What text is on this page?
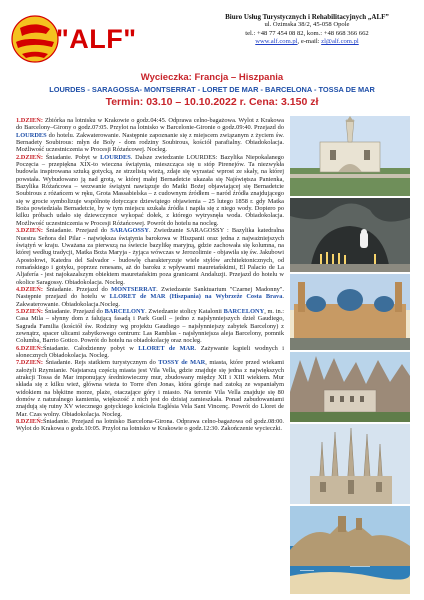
"ALF"
Biuro Usług Turystycznych i Rehabilitacyjnych „ALF”
ul. Ozimska 38/2, 45-058 Opole
tel.: +48 77 454 08 82, kom.: +48 668 366 662
www.alf.com.pl, e-mail: zl@alf.com.pl
Wycieczka: Francja – Hiszpania
LOURDES - SARAGOSSA- MONTSERRAT - LORET DE MAR - BARCELONA - TOSSA DE MAR
Termin: 03.10 – 10.10.2022 r. Cena: 3.150 zł

1.DZIEŃ: Zbiórka na lotnisku w Krakowie o godz.04:45. Odprawa celno-bagażowa. Wylot z Krakowa do Barcelony–Girony o godz.07:05. Przylot na lotnisko w Barcelonie-Gironie o godz.09:40. Przejazd do LOURDES do hotelu. Zakwaterowanie. Następnie zapoznanie się z miejscem związanym z życiem św. Bernadety Soubirous: młyn de Boly - dom rodziny Soubirous, kościół parafialny. Obiadokolacja. Możliwość uczestniczenia w Procesji Różańcowej. Nocleg.

2.DZIEŃ: Śniadanie. Pobyt w LOURDES. Dalsze zwiedzanie LOURDES: Bazylika Niepokalanego Poczęcia – przepiękna XIX-to wieczna świątynia, mieszcząca się u stóp Pirenejów. Ta niezwykła budowla inspirowana sztuką gotycką, ze strzelistą wieżą, zdaje się wyrastać wprost ze skały, na której powstała. Wybudowano ją nad grotą, w której małej Bernadetcie ukazała się Najświętsza Panienka, Bazylika Różańcowa – wezwanie świątyni nawiązuje do Matki Bożej objawiającej się Bernadetcie Soubirous z różańcem w ręku, Grota Massabielska – z cudownym źródłem – naród źródła znajdującego się w grocie symbolizuje wspólnotę dotyczące dziewiątego objawienia – 25 lutego 1858 r. gdy Matka Boża powiedziała Bernadetcie, by w tym miejscu szukała źródła i napiła się z niego wody. Dopiero po kilku próbach udało się dziewczynce wykopać dołek, z którego wytrysnęła woda. Obiadokolacja. Możliwość uczestniczenia w Procesji Różańcowej. Powrót do hotelu na nocleg.

3.DZIEŃ: Śniadanie. Przejazd do SARAGOSSY. Zwiedzanie SARAGOSSY : Bazylika katedralna Nuestra Señora del Pilar - największa świątynia barokowa w Hiszpanii oraz jedna z najważniejszych świątyń w kraju. Uważana za pierwszą na świecie bazylikę maryjną, gdzie zachowała się kolumna, na której według tradycji, Matka Boża Maryja - żyjąca wówczas w Jerozolimie - objawiła się św. Jakubowi Apostołowi, Katedra del Salvador - budowlę charakteryzuje wiele stylów architektonicznych, od romańskiego i gotyku, poprzez renesans, aż do baroku z wpływami mauretańskimi, El Palacio de La Aljafería - jest najokazalszym obiektem mauretańskim poza granicami Andaluzji. Przejazd do hotelu w okolice Saragossy. Obiadokolacja. Nocleg.

4.DZIEŃ: Śniadanie. Przejazd do MONTSERRAT. Zwiedzanie Sanktuarium "Czarnej Madonny". Następnie przejazd do hotelu w LLORET de MAR (Hiszpania) na Wybrzeże Costa Brava. Zakwaterowanie. Obiadokolacja.Nocleg.

5.DZIEŃ: Śniadanie. Przejazd do BARCELONY. Zwiedzanie stolicy Katalonii BARCELONY, m. in.: Casa Mila – słynny dom z falującą fasadą i Park Guell – jedno z najsłynniejszych dzieł Gaudiego, Sagrada Familia (kościół św. Rodziny wg projektu Gaudiego – najsłynniejszy zabytek Barcelony) z zewnątrz, spacer ulicami zabytkowego centrum: Las Ramblas - najsłynniejsza aleja Barcelony, pomnik Columba, Barrio Gotico. Powrót do hotelu na obiadokolację oraz nocleg.

6.DZIEŃ:Śniadanie. Całodzienny pobyt w LLORET de MAR. Zażywanie kąpieli wodnych i słonecznych Obiadokolacja. Nocleg.

7.DZIEŃ: Śniadanie. Rejs statkiem turystycznym do TOSSY de MAR, miasta, które przed wiekami założyli Rzymianie. Najstarszą częścią miasta jest Vila Vella, gdzie znajduje się jedna z największych atrakcji Tossa de Mar imponujący średniowieczny mur, zbudowany między XII i XIII wiekiem. Mur składa się z kilku wież, główna wieża to Torre d'en Jonas, która góruje nad zatoką ze wspaniałym widokiem na błękitne morze, plaże, otaczające góry i miasto. Na terenie Vila Vella znajduje się 80 domów z naturalnego kamienia, większość z nich jest do dzisiaj zamieszkała. Ponad zabudowaniami znajdują się ruiny XV wiecznego gotyckiego kościoła Església Vela Sant Vincenç. Powrót do Lloret de Mar. Czas wolny. Obiadokolacja. Nocleg.

8.DZIEŃ:Śniadanie. Przejazd na lotnisko Barcelona-Girona. Odprawa celno-bagażowa od godz.08:00. Wylot do Krakowa o godz.10:05. Przylot na lotnisko w Krakowie o godz.12:30. Zakończenie wycieczki.
